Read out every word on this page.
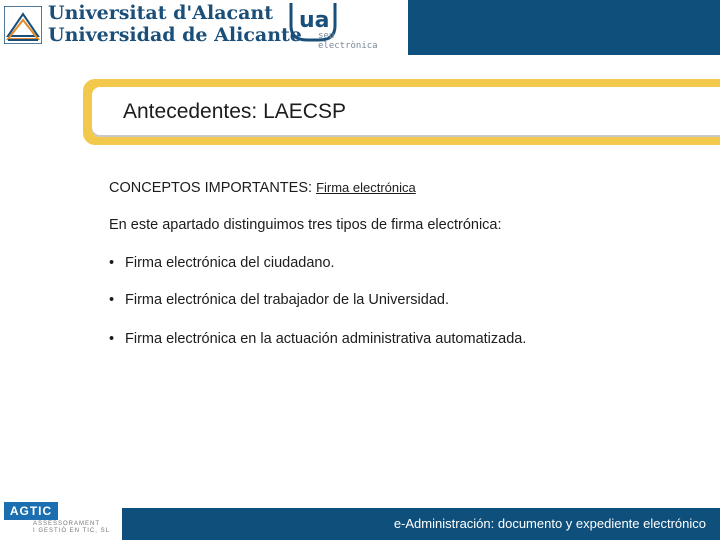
Universitat d'Alacant
Universidad de Alicante
ua
seu
electrònica
Antecedentes: LAECSP
CONCEPTOS IMPORTANTES: Firma electrónica
En este apartado distinguimos tres tipos de firma electrónica:
• Firma electrónica del ciudadano.
• Firma electrónica del trabajador de la Universidad.
• Firma electrónica en la actuación administrativa automatizada.
AGTIC
ASSESSORAMENT
I GESTIÓ EN TIC, SL	e-Administración: documento y expediente electrónico
